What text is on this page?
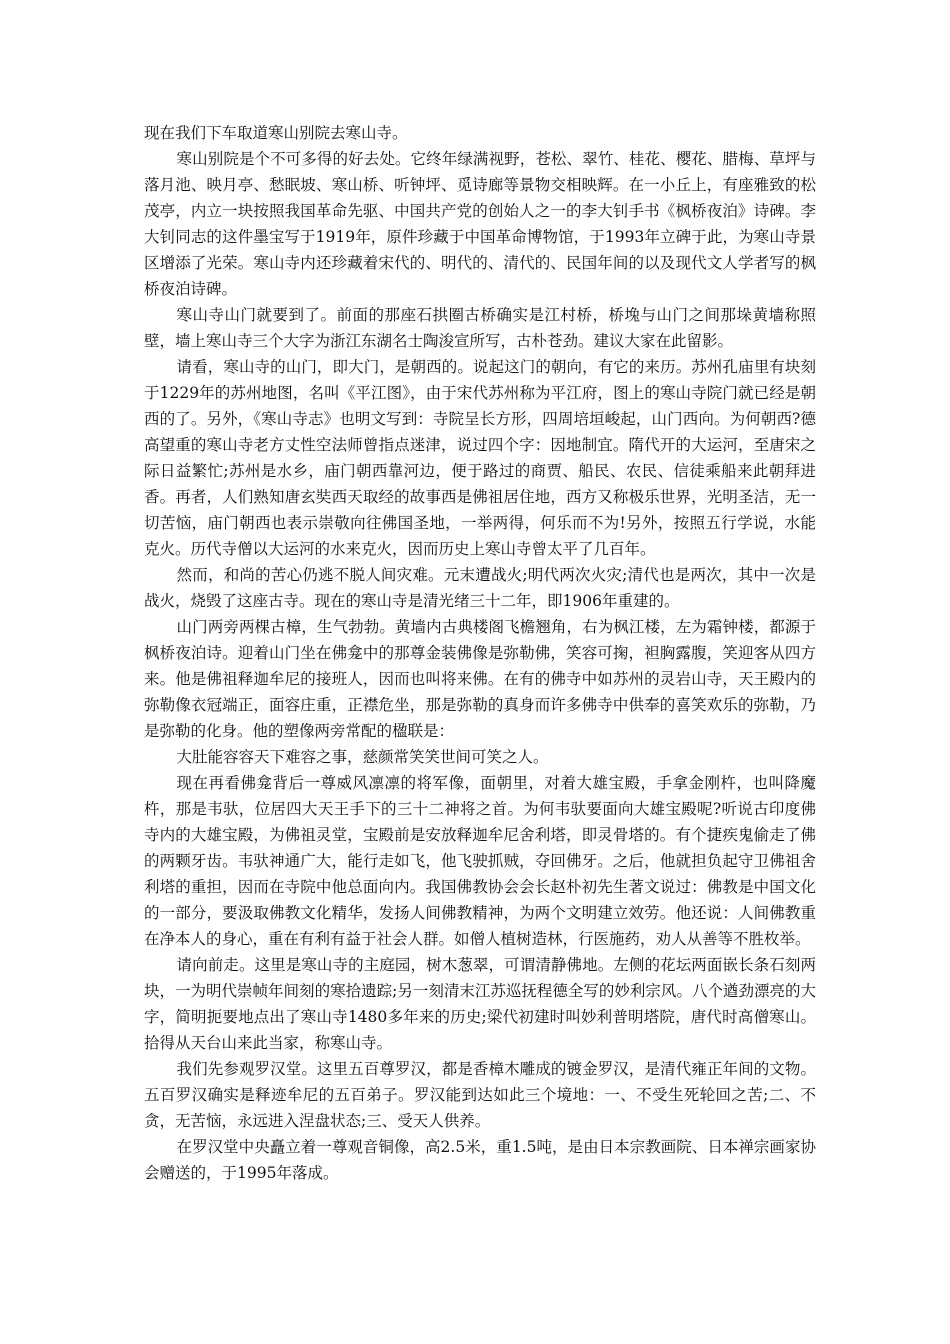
现在我们下车取道寒山别院去寒山寺。

寒山别院是个不可多得的好去处。它终年绿满视野，苍松、翠竹、桂花、樱花、腊梅、草坪与落月池、映月亭、愁眠坡、寒山桥、听钟坪、觅诗廊等景物交相映辉。在一小丘上，有座雅致的松茂亭，内立一块按照我国革命先驱、中国共产党的创始人之一的李大钊手书《枫桥夜泊》诗碑。李大钊同志的这件墨宝写于1919年，原件珍藏于中国革命博物馆，于1993年立碑于此，为寒山寺景区增添了光荣。寒山寺内还珍藏着宋代的、明代的、清代的、民国年间的以及现代文人学者写的枫桥夜泊诗碑。

寒山寺山门就要到了。前面的那座石拱圈古桥确实是江村桥，桥堍与山门之间那垛黄墙称照壁，墙上寒山寺三个大字为浙江东湖名士陶浚宣所写，古朴苍劲。建议大家在此留影。

请看，寒山寺的山门，即大门，是朝西的。说起这门的朝向，有它的来历。苏州孔庙里有块刻于1229年的苏州地图，名叫《平江图》，由于宋代苏州称为平江府，图上的寒山寺院门就已经是朝西的了。另外，《寒山寺志》也明文写到：寺院呈长方形，四周培垣峻起，山门西向。为何朝西?德高望重的寒山寺老方丈性空法师曾指点迷津，说过四个字：因地制宜。隋代开的大运河，至唐宋之际日益繁忙;苏州是水乡，庙门朝西靠河边，便于路过的商贾、船民、农民、信徒乘船来此朝拜进香。再者，人们熟知唐玄奘西天取经的故事西是佛祖居住地，西方又称极乐世界，光明圣洁，无一切苦恼，庙门朝西也表示崇敬向往佛国圣地，一举两得，何乐而不为!另外，按照五行学说，水能克火。历代寺僧以大运河的水来克火，因而历史上寒山寺曾太平了几百年。

然而，和尚的苦心仍逃不脱人间灾难。元末遭战火;明代两次火灾;清代也是两次，其中一次是战火，烧毁了这座古寺。现在的寒山寺是清光绪三十二年，即1906年重建的。

山门两旁两棵古樟，生气勃勃。黄墙内古典楼阁飞檐翘角，右为枫江楼，左为霜钟楼，都源于枫桥夜泊诗。迎着山门坐在佛龛中的那尊金装佛像是弥勒佛，笑容可掬，袒胸露腹，笑迎客从四方来。他是佛祖释迦牟尼的接班人，因而也叫将来佛。在有的佛寺中如苏州的灵岩山寺，天王殿内的弥勒像衣冠端正，面容庄重，正襟危坐，那是弥勒的真身而许多佛寺中供奉的喜笑欢乐的弥勒，乃是弥勒的化身。他的塑像两旁常配的楹联是：

大肚能容容天下难容之事，慈颜常笑笑世间可笑之人。

现在再看佛龛背后一尊威风凛凛的将军像，面朝里，对着大雄宝殿，手拿金刚杵，也叫降魔杵，那是韦驮，位居四大天王手下的三十二神将之首。为何韦驮要面向大雄宝殿呢?听说古印度佛寺内的大雄宝殿，为佛祖灵堂，宝殿前是安放释迦牟尼舍利塔，即灵骨塔的。有个捷疾鬼偷走了佛的两颗牙齿。韦驮神通广大，能行走如飞，他飞驶抓贼，夺回佛牙。之后，他就担负起守卫佛祖舍利塔的重担，因而在寺院中他总面向内。我国佛教协会会长赵朴初先生著文说过：佛教是中国文化的一部分，要汲取佛教文化精华，发扬人间佛教精神，为两个文明建立效劳。他还说：人间佛教重在净本人的身心，重在有利有益于社会人群。如僧人植树造林，行医施药，劝人从善等不胜枚举。

请向前走。这里是寒山寺的主庭园，树木葱翠，可谓清静佛地。左侧的花坛两面嵌长条石刻两块，一为明代崇帧年间刻的寒拾遗踪;另一刻清末江苏巡抚程德全写的妙利宗风。八个遒劲漂亮的大字，简明扼要地点出了寒山寺1480多年来的历史;梁代初建时叫妙利普明塔院，唐代时高僧寒山。拾得从天台山来此当家，称寒山寺。

我们先参观罗汉堂。这里五百尊罗汉，都是香樟木雕成的镀金罗汉，是清代雍正年间的文物。五百罗汉确实是释迹牟尼的五百弟子。罗汉能到达如此三个境地：一、不受生死轮回之苦;二、不贪，无苦恼，永远进入涅盘状态;三、受天人供养。

在罗汉堂中央矗立着一尊观音铜像，高2.5米，重1.5吨，是由日本宗教画院、日本禅宗画家协会赠送的，于1995年落成。
